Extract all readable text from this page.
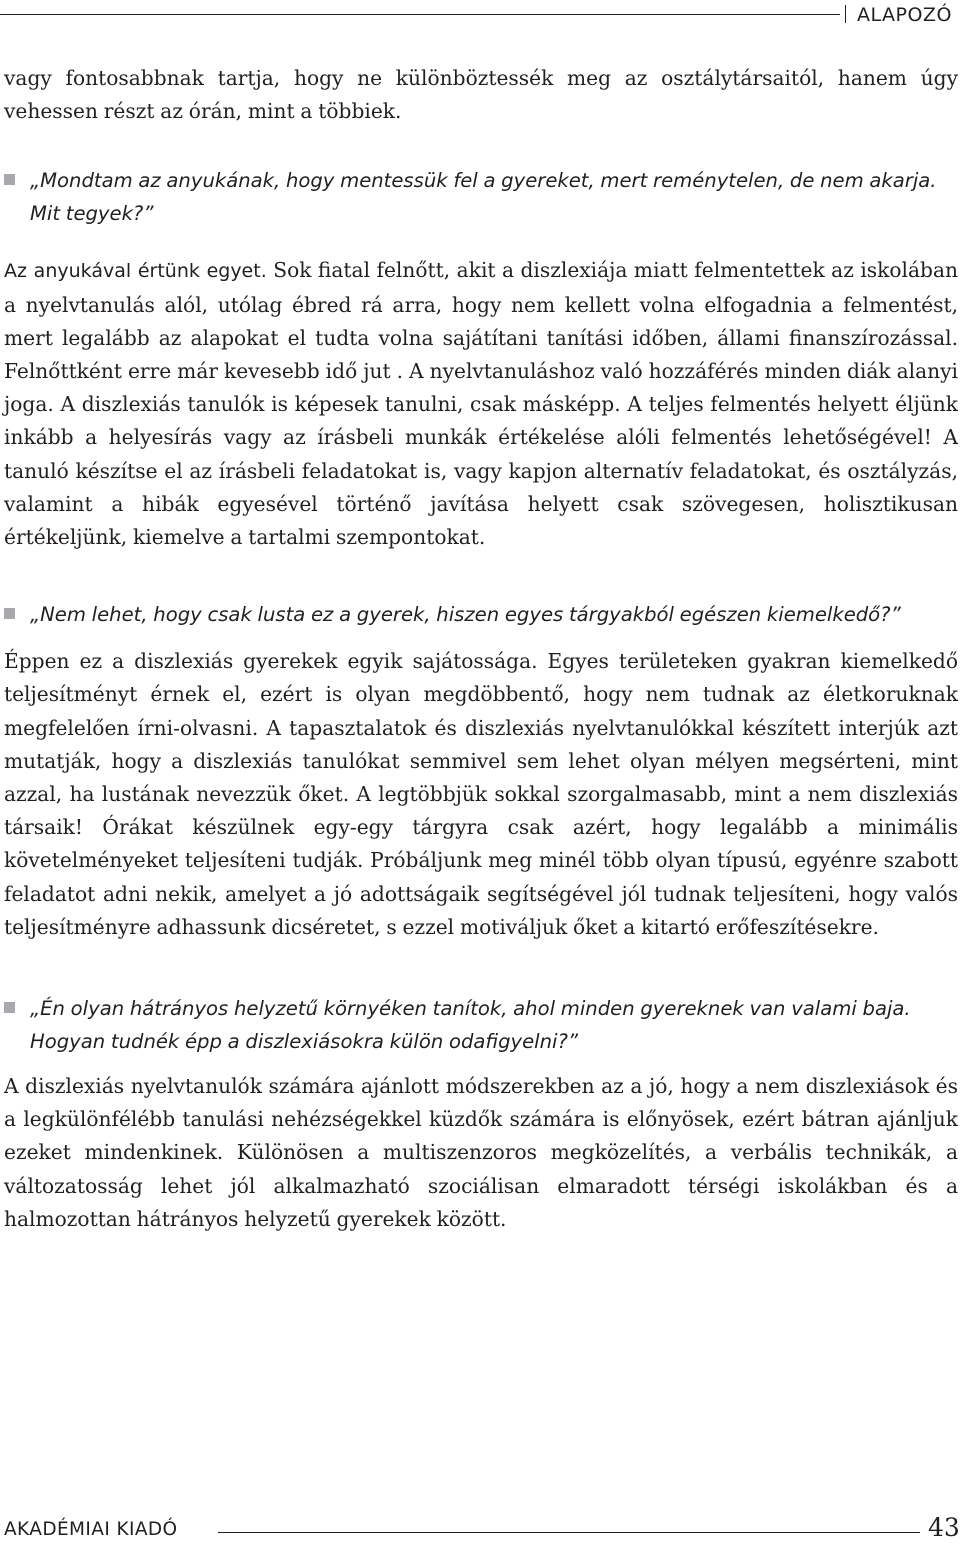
ALAPOZÓ

vagy fontosabbnak tartja, hogy ne különböztessék meg az osztálytársaitól, hanem úgy vehessen részt az órán, mint a többiek.

„Mondtam az anyukának, hogy mentessük fel a gyereket, mert reménytelen, de nem akarja. Mit tegyek?”

Az anyukával értünk egyet. Sok fiatal felnőtt, akit a diszlexiája miatt felmentettek az iskolában a nyelvtanulás alól, utólag ébred rá arra, hogy nem kellett volna elfogadnia a felmentést, mert legalább az alapokat el tudta volna sajátítani tanítási időben, állami finanszírozással. Felnőttként erre már kevesebb idő jut . A nyelvtanuláshoz való hozzáférés minden diák alanyi joga. A diszlexiás tanulók is képesek tanulni, csak másképp. A teljes felmentés helyett éljünk inkább a helyesírás vagy az írásbeli munkák értékelése alóli felmentés lehetőségével! A tanuló készítse el az írásbeli feladatokat is, vagy kapjon alternatív feladatokat, és osztályzás, valamint a hibák egyesével történő javítása helyett csak szövegesen, holisztikusan értékeljünk, kiemelve a tartalmi szempontokat.

„Nem lehet, hogy csak lusta ez a gyerek, hiszen egyes tárgyakból egészen kiemelkedő?”

Éppen ez a diszlexiás gyerekek egyik sajátossága. Egyes területeken gyakran kiemelkedő teljesítményt érnek el, ezért is olyan megdöbbentő, hogy nem tudnak az életkoruknak megfelelően írni-olvasni. A tapasztalatok és diszlexiás nyelvtanulókkal készített interjúk azt mutatják, hogy a diszlexiás tanulókat semmivel sem lehet olyan mélyen megsérteni, mint azzal, ha lustának nevezzük őket. A legtöbbjük sokkal szorgalmasabb, mint a nem diszlexiás társaik! Órákat készülnek egy-egy tárgyra csak azért, hogy legalább a minimális követelményeket teljesíteni tudják. Próbáljunk meg minél több olyan típusú, egyénre szabott feladatot adni nekik, amelyet a jó adottságaik segítségével jól tudnak teljesíteni, hogy valós teljesítményre adhassunk dicséretet, s ezzel motiváljuk őket a kitartó erőfeszítésekre.

„Én olyan hátrányos helyzetű környéken tanítok, ahol minden gyereknek van valami baja. Hogyan tudnék épp a diszlexiásokra külön odafigyelni?”

A diszlexiás nyelvtanulók számára ajánlott módszerekben az a jó, hogy a nem diszlexiások és a legkülönfélébb tanulási nehézségekkel küzdők számára is előnyösek, ezért bátran ajánljuk ezeket mindenkinek. Különösen a multiszenzoros megközelítés, a verbális technikák, a változatosság lehet jól alkalmazható szociálisan elmaradott térségi iskolákban és a halmozottan hátrányos helyzetű gyerekek között.

AKADÉMIAI KIADÓ	43
